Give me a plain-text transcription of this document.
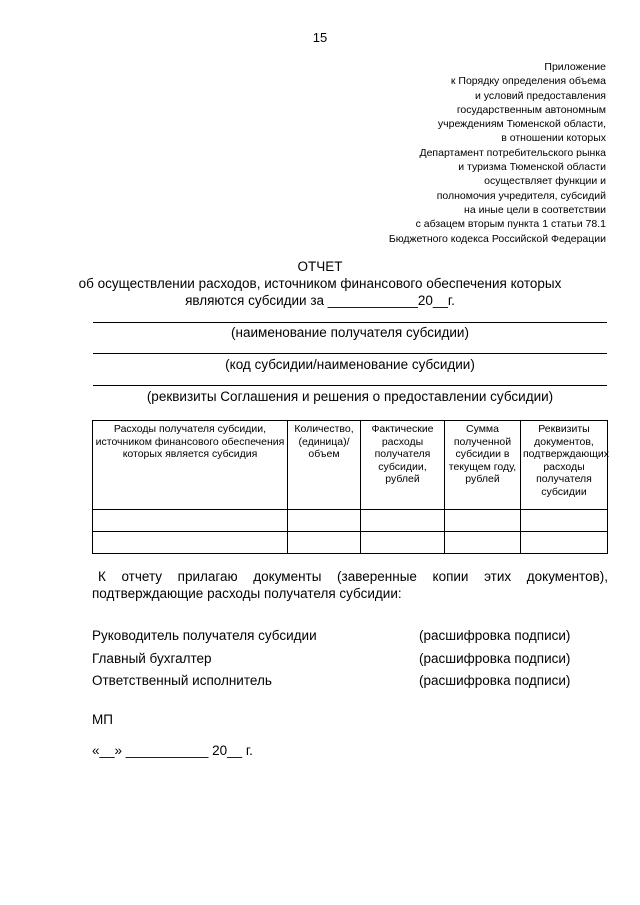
15
Приложение
к Порядку определения объема
и условий предоставления
государственным автономным
учреждениям Тюменской области,
в отношении которых
Департамент потребительского рынка
и туризма Тюменской области
осуществляет функции и
полномочия учредителя, субсидий
на иные цели в соответствии
с абзацем вторым пункта 1 статьи 78.1
Бюджетного кодекса Российской Федерации
ОТЧЕТ
об осуществлении расходов, источником финансового обеспечения которых
являются субсидии за ____________20__г.
(наименование получателя субсидии)
(код субсидии/наименование субсидии)
(реквизиты Соглашения и решения о предоставлении субсидии)
Расходы получателя субсидии, источником финансового обеспечения которых является субсидия	Количество, (единица)/ объем	Фактические расходы получателя субсидии, рублей	Сумма полученной субсидии в текущем году, рублей	Реквизиты документов, подтверждающих расходы получателя субсидии

К отчету прилагаю документы (заверенные копии этих документов),
подтверждающие расходы получателя субсидии:
Руководитель получателя субсидии	(расшифровка подписи)
Главный бухгалтер	(расшифровка подписи)
Ответственный исполнитель	(расшифровка подписи)
МП
«__» ___________ 20__ г.
